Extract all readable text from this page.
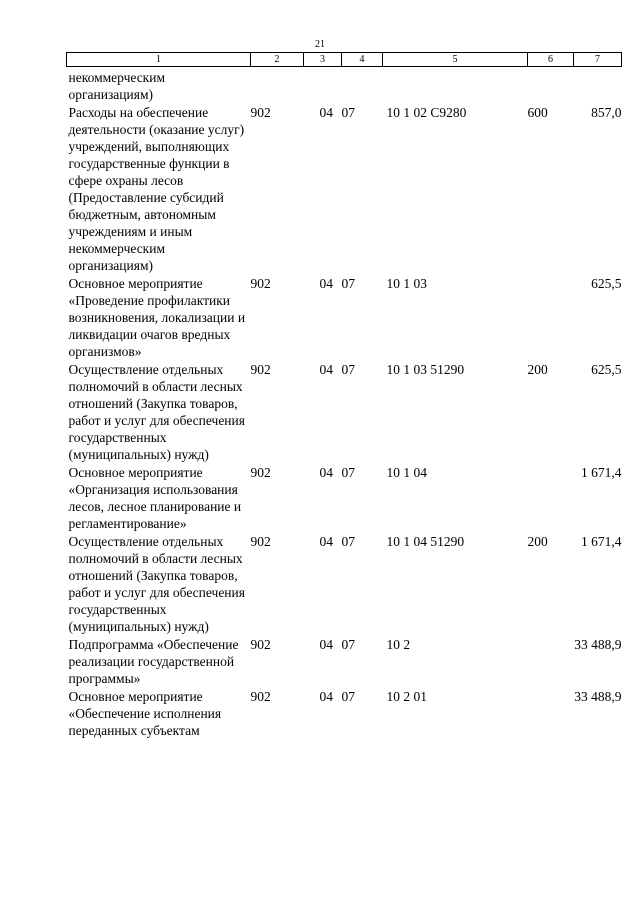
21
1	2	3	4	5	6	7
некоммерческим организациям)						
Расходы на обеспечение деятельности (оказание услуг) учреждений, выполняющих государственные функции в сфере охраны лесов (Предоставление субсидий бюджетным, автономным учреждениям и иным некоммерческим организациям)	902	04	07	10 1 02 С9280	600	857,0
Основное мероприятие «Проведение профилактики возникновения, локализации и ликвидации очагов вредных организмов»	902	04	07	10 1 03		625,5
Осуществление отдельных полномочий в области лесных отношений (Закупка товаров, работ и услуг для обеспечения государственных (муниципальных) нужд)	902	04	07	10 1 03 51290	200	625,5
Основное мероприятие «Организация использования лесов, лесное планирование и регламентирование»	902	04	07	10 1 04		1 671,4
Осуществление отдельных полномочий в области лесных отношений (Закупка товаров, работ и услуг для обеспечения государственных (муниципальных) нужд)	902	04	07	10 1 04 51290	200	1 671,4
Подпрограмма «Обеспечение реализации государственной программы»	902	04	07	10 2		33 488,9
Основное мероприятие «Обеспечение исполнения переданных субъектам	902	04	07	10 2 01		33 488,9
